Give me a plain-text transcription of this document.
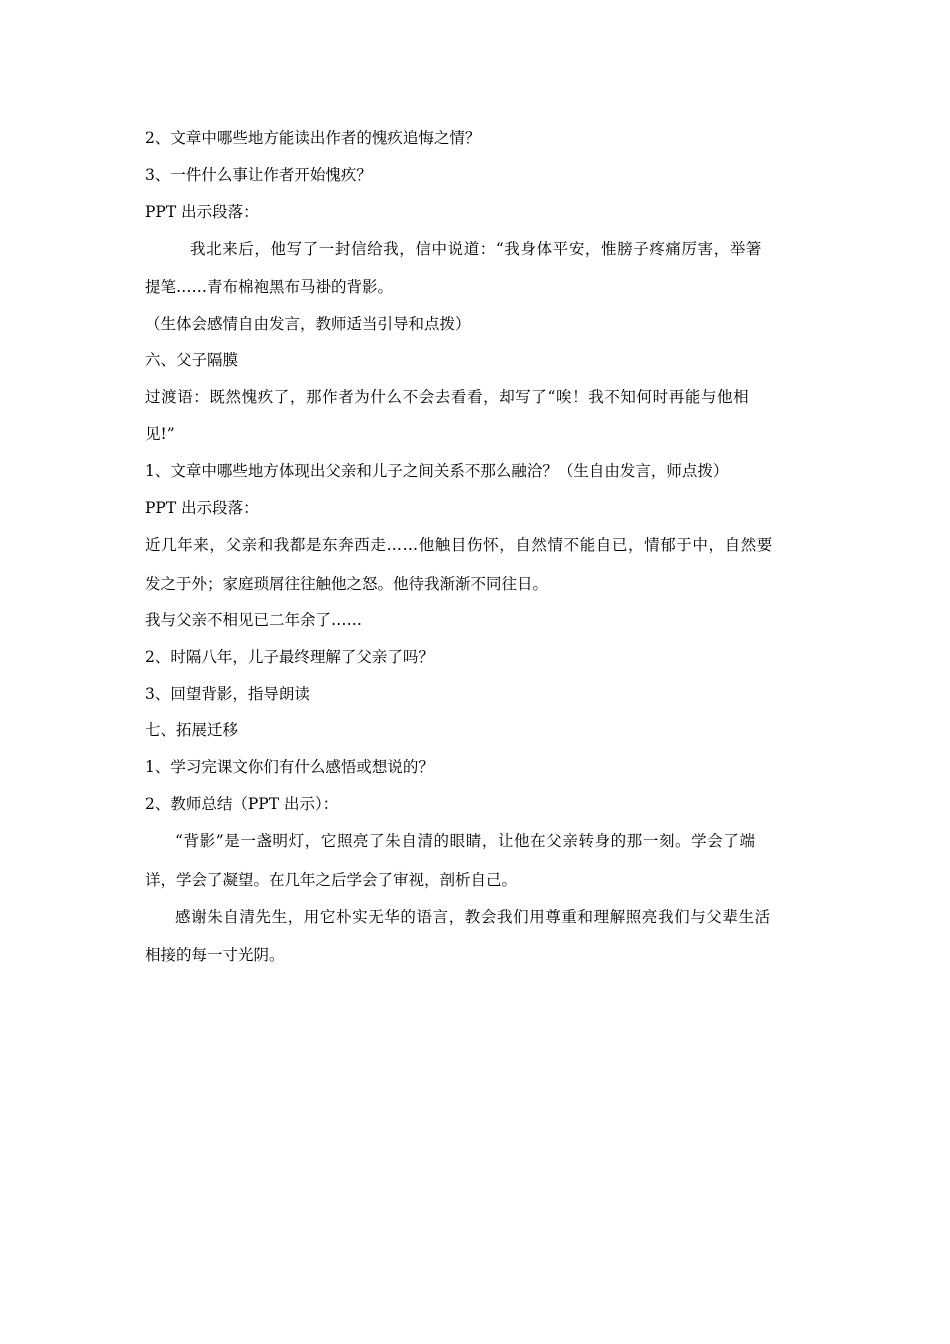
2、文章中哪些地方能读出作者的愧疚追悔之情？
3、一件什么事让作者开始愧疚？
PPT 出示段落：
我北来后，他写了一封信给我，信中说道：“我身体平安，惟膀子疼痛厉害，举箸
提笔……青布棉袍黑布马褂的背影。
（生体会感情自由发言，教师适当引导和点拨）
六、父子隔膜
过渡语：既然愧疚了，那作者为什么不会去看看，却写了“唉！我不知何时再能与他相
见!”
1、文章中哪些地方体现出父亲和儿子之间关系不那么融洽？（生自由发言，师点拨）
PPT 出示段落：
近几年来，父亲和我都是东奔西走……他触目伤怀，自然情不能自已，情郁于中，自然要
发之于外；家庭琐屑往往触他之怒。他待我渐渐不同往日。
我与父亲不相见已二年余了……
2、时隔八年，儿子最终理解了父亲了吗？
3、回望背影，指导朗读
七、拓展迁移
1、学习完课文你们有什么感悟或想说的？
2、教师总结（PPT 出示）：
“背影”是一盏明灯，它照亮了朱自清的眼睛，让他在父亲转身的那一刻。学会了端
详，学会了凝望。在几年之后学会了审视，剖析自己。
感谢朱自清先生，用它朴实无华的语言，教会我们用尊重和理解照亮我们与父辈生活
相接的每一寸光阴。
